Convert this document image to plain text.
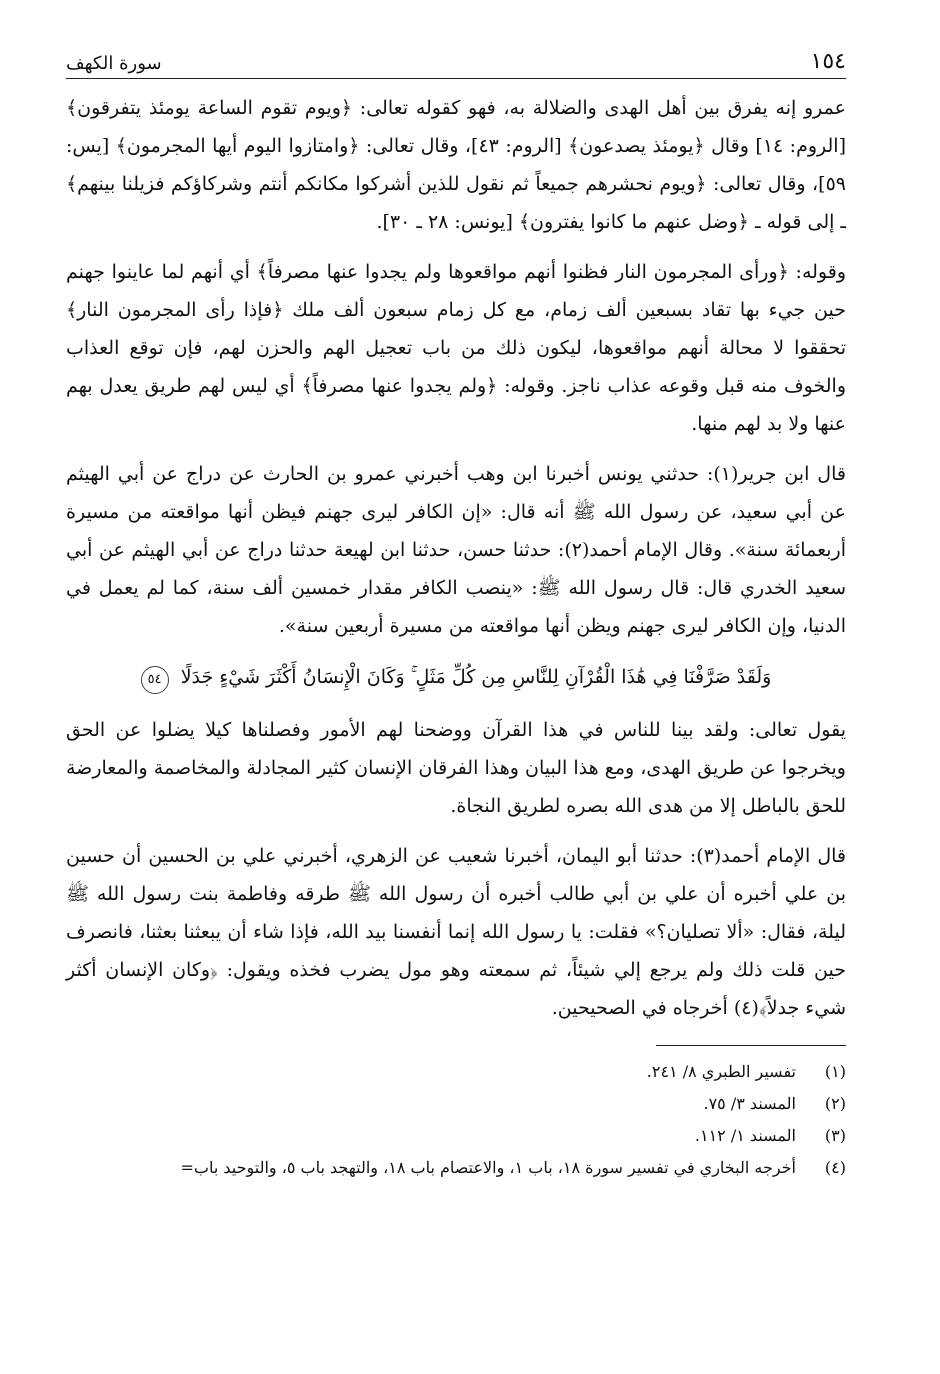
١٥٤
سورة الكهف

عمرو إنه يفرق بين أهل الهدى والضلالة به، فهو كقوله تعالى: ﴿ويوم تقوم الساعة يومئذ يتفرقون﴾ [الروم: ١٤] وقال ﴿يومئذ يصدعون﴾ [الروم: ٤٣]، وقال تعالى: ﴿وامتازوا اليوم أيها المجرمون﴾ [يس: ٥٩]، وقال تعالى: ﴿ويوم نحشرهم جميعاً ثم نقول للذين أشركوا مكانكم أنتم وشركاؤكم فزيلنا بينهم﴾ ـ إلى قوله ـ ﴿وضل عنهم ما كانوا يفترون﴾ [يونس: ٢٨ ـ ٣٠].

وقوله: ﴿ورأى المجرمون النار فظنوا أنهم مواقعوها ولم يجدوا عنها مصرفاً﴾ أي أنهم لما عاينوا جهنم حين جيء بها تقاد بسبعين ألف زمام، مع كل زمام سبعون ألف ملك ﴿فإذا رأى المجرمون النار﴾ تحققوا لا محالة أنهم مواقعوها، ليكون ذلك من باب تعجيل الهم والحزن لهم، فإن توقع العذاب والخوف منه قبل وقوعه عذاب ناجز. وقوله: ﴿ولم يجدوا عنها مصرفاً﴾ أي ليس لهم طريق يعدل بهم عنها ولا بد لهم منها.

قال ابن جرير(١): حدثني يونس أخبرنا ابن وهب أخبرني عمرو بن الحارث عن دراج عن أبي الهيثم عن أبي سعيد، عن رسول الله ﷺ أنه قال: «إن الكافر ليرى جهنم فيظن أنها مواقعته من مسيرة أربعمائة سنة». وقال الإمام أحمد(٢): حدثنا حسن، حدثنا ابن لهيعة حدثنا دراج عن أبي الهيثم عن أبي سعيد الخدري قال: قال رسول الله ﷺ: «ينصب الكافر مقدار خمسين ألف سنة، كما لم يعمل في الدنيا، وإن الكافر ليرى جهنم ويظن أنها مواقعته من مسيرة أربعين سنة».

وَلَقَدْ صَرَّفْنَا فِي هَٰذَا الْقُرْآنِ لِلنَّاسِ مِن كُلِّ مَثَلٍ ۚ وَكَانَ الْإِنسَانُ أَكْثَرَ شَيْءٍ جَدَلًا ٥٤

يقول تعالى: ولقد بينا للناس في هذا القرآن ووضحنا لهم الأمور وفصلناها كيلا يضلوا عن الحق ويخرجوا عن طريق الهدى، ومع هذا البيان وهذا الفرقان الإنسان كثير المجادلة والمخاصمة والمعارضة للحق بالباطل إلا من هدى الله بصره لطريق النجاة.

قال الإمام أحمد(٣): حدثنا أبو اليمان، أخبرنا شعيب عن الزهري، أخبرني علي بن الحسين أن حسين بن علي أخبره أن علي بن أبي طالب أخبره أن رسول الله ﷺ طرقه وفاطمة بنت رسول الله ﷺ ليلة، فقال: «ألا تصليان؟» فقلت: يا رسول الله إنما أنفسنا بيد الله، فإذا شاء أن يبعثنا بعثنا، فانصرف حين قلت ذلك ولم يرجع إلي شيئاً، ثم سمعته وهو مول يضرب فخذه ويقول: ﴿وكان الإنسان أكثر شيء جدلاً﴾(٤) أخرجاه في الصحيحين.

(١)
تفسير الطبري ٨/ ٢٤١.
(٢)
المسند ٣/ ٧٥.
(٣)
المسند ١/ ١١٢.
(٤)
أخرجه البخاري في تفسير سورة ١٨، باب ١، والاعتصام باب ١٨، والتهجد باب ٥، والتوحيد باب=
